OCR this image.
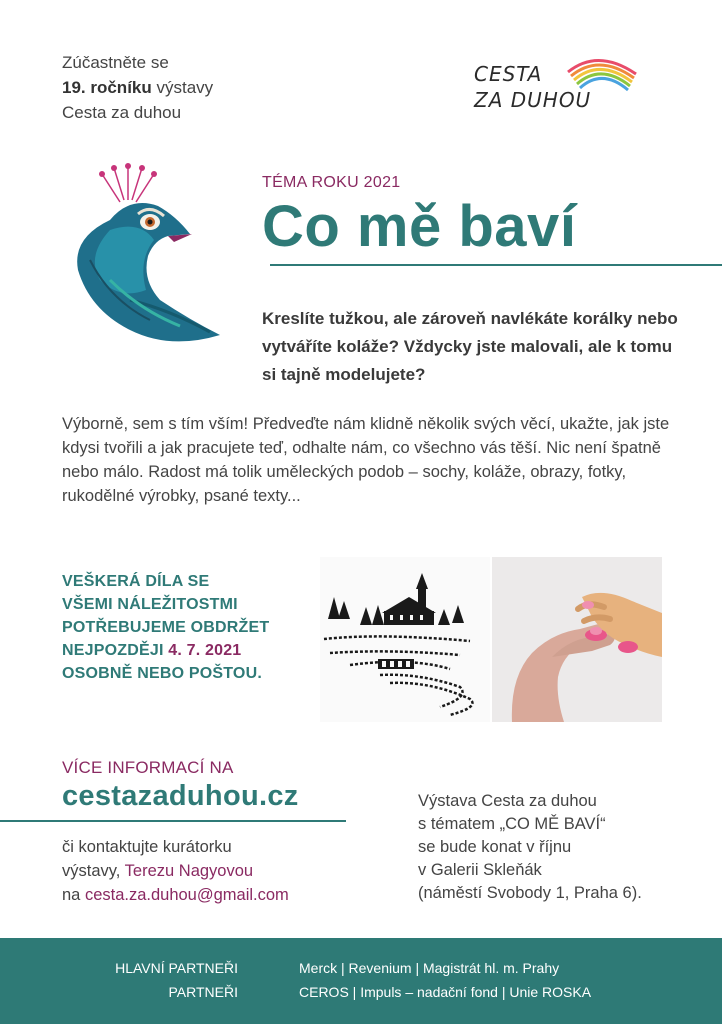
Zúčastněte se
19. ročníku výstavy
Cesta za duhou
CESTA
ZA DUHOU
TÉMA ROKU 2021
Co mě baví
Kreslíte tužkou, ale zároveň navlékáte korálky nebo vytváříte koláže? Vždycky jste malovali, ale k tomu si tajně modelujete?
Výborně, sem s tím vším! Předveďte nám klidně několik svých věcí, ukažte, jak jste kdysi tvořili a jak pracujete teď, odhalte nám, co všechno vás těší. Nic není špatně nebo málo. Radost má tolik uměleckých podob – sochy, koláže, obrazy, fotky, rukodělné výrobky, psané texty...
VEŠKERÁ DÍLA SE
VŠEMI NÁLEŽITOSTMI
POTŘEBUJEME OBDRŽET
NEJPOZDĚJI 4. 7. 2021
OSOBNĚ NEBO POŠTOU.
VÍCE INFORMACÍ NA
cestazaduhou.cz
či kontaktujte kurátorku
výstavy, Terezu Nagyovou
na cesta.za.duhou@gmail.com
Výstava Cesta za duhou
s tématem „CO MĚ BAVÍ“
se bude konat v říjnu
v Galerii Skleňák
(náměstí Svobody 1, Praha 6).
HLAVNÍ PARTNEŘI	Merck | Revenium | Magistrát hl. m. Prahy
PARTNEŘI	CEROS | Impuls – nadační fond | Unie ROSKA
